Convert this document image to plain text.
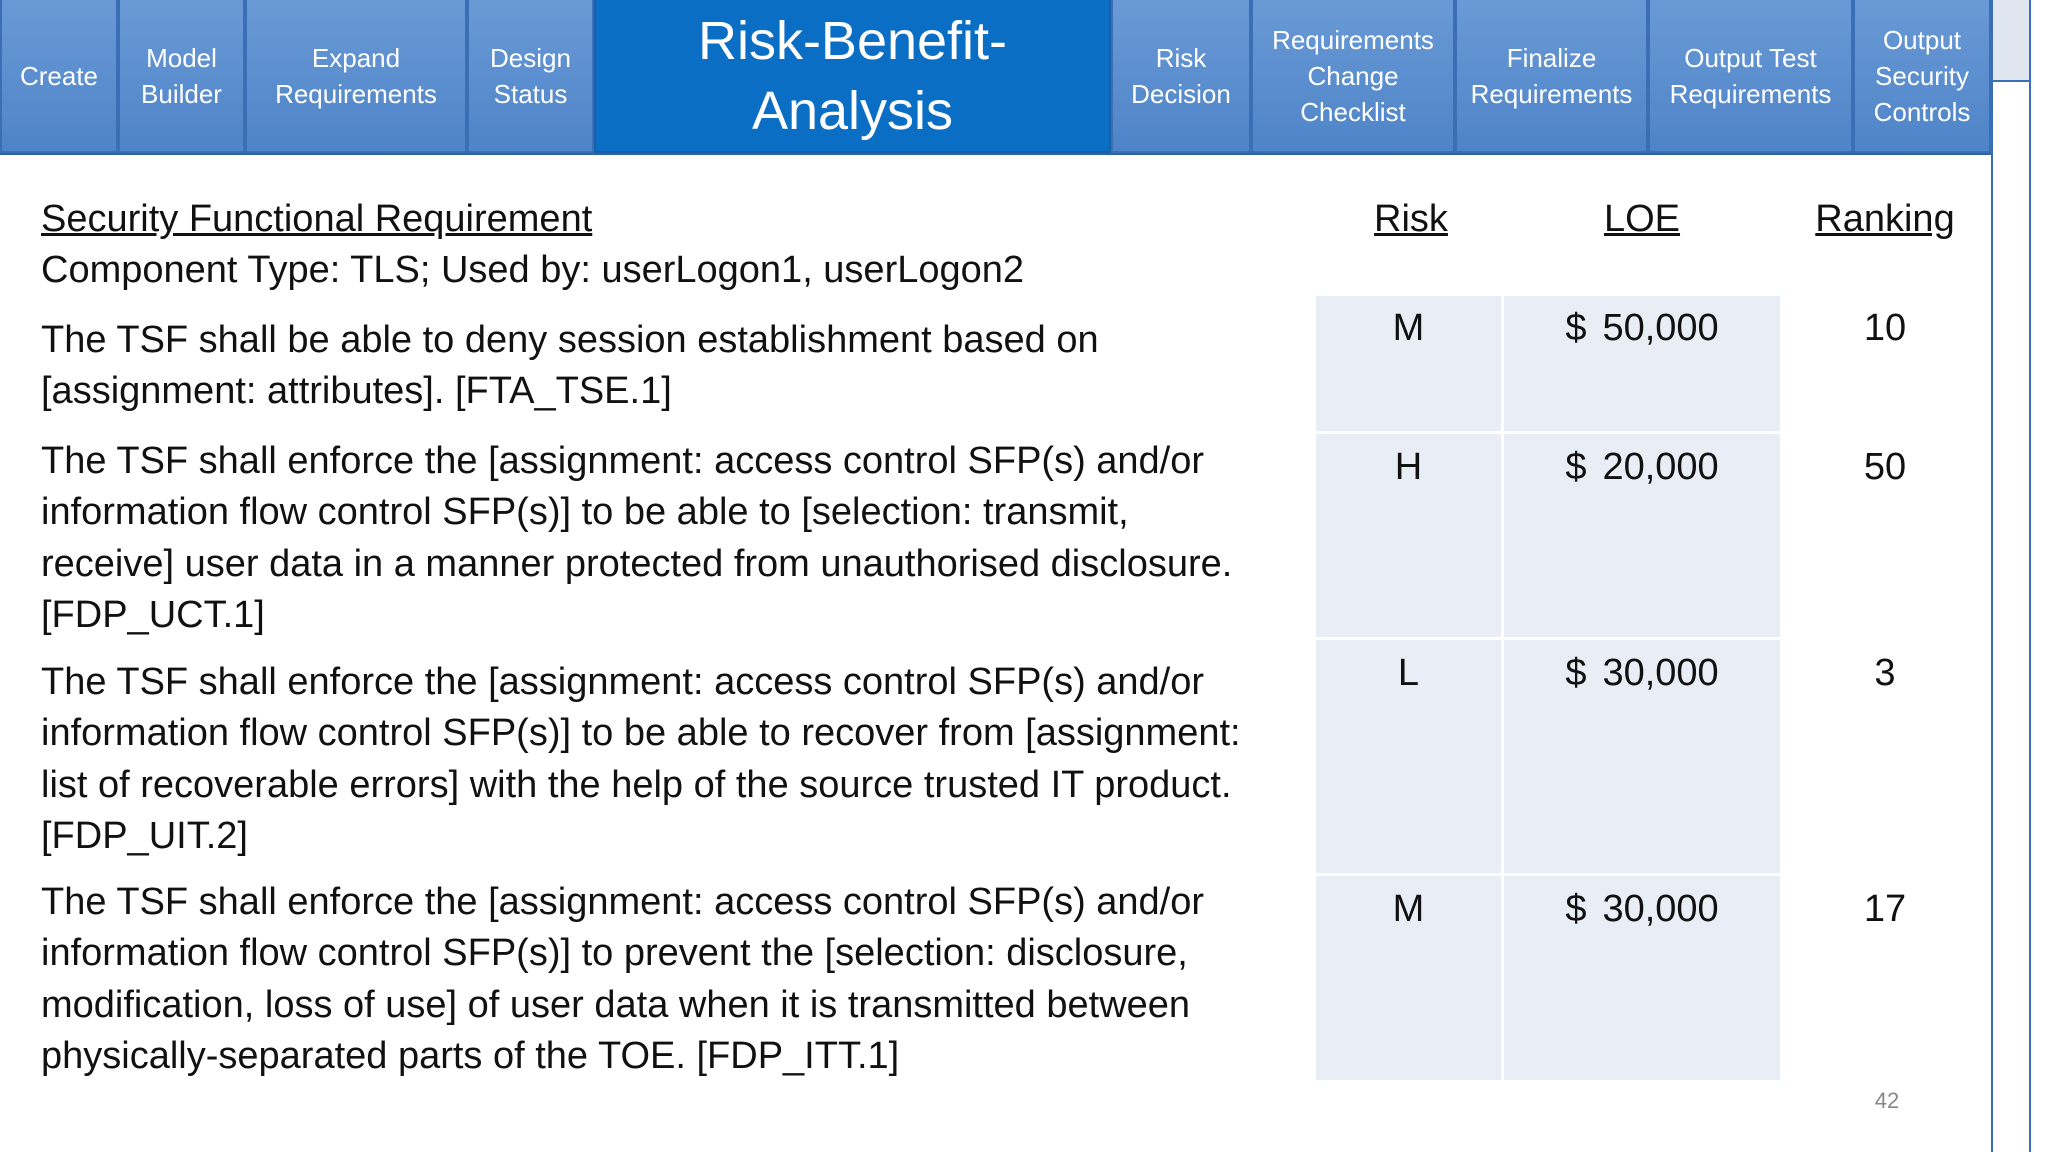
Create
Model
Builder
Expand
Requirements
Design
Status
Risk-Benefit-
Analysis
Risk
Decision
Requirements
Change
Checklist
Finalize
Requirements
Output Test
Requirements
Output
Security
Controls
Security Functional Requirement
Component Type: TLS; Used by: userLogon1, userLogon2
Risk	LOE	Ranking
The TSF shall be able to deny session establishment based on
[assignment: attributes]. [FTA_TSE.1]
M	$ 50,000	10
The TSF shall enforce the [assignment: access control SFP(s) and/or
information flow control SFP(s)] to be able to [selection: transmit,
receive] user data in a manner protected from unauthorised disclosure.
[FDP_UCT.1]
H	$ 20,000	50
The TSF shall enforce the [assignment: access control SFP(s) and/or
information flow control SFP(s)] to be able to recover from [assignment:
list of recoverable errors] with the help of the source trusted IT product.
[FDP_UIT.2]
L	$ 30,000	3
The TSF shall enforce the [assignment: access control SFP(s) and/or
information flow control SFP(s)] to prevent the [selection: disclosure,
modification, loss of use] of user data when it is transmitted between
physically-separated parts of the TOE. [FDP_ITT.1]
M	$ 30,000	17
42
